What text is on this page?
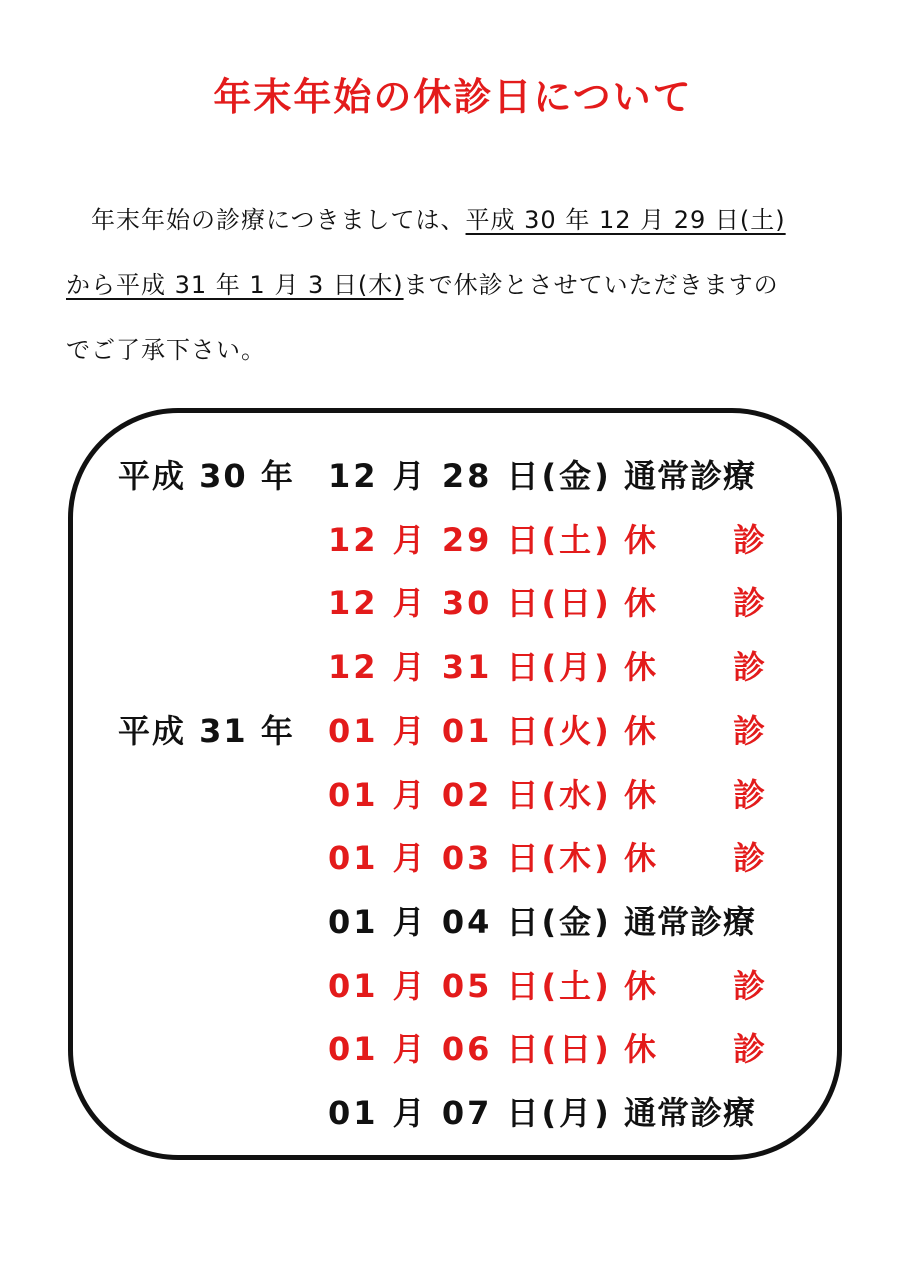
年末年始の休診日について
　年末年始の診療につきましては、平成 30 年 12 月 29 日(土)
から平成 31 年 1 月 3 日(木)まで休診とさせていただきますの
でご了承下さい。
平成 30 年 12 月 28 日(金) 通常診療
12 月 29 日(土) 休 診
12 月 30 日(日) 休 診
12 月 31 日(月) 休 診
平成 31 年 01 月 01 日(火) 休 診
01 月 02 日(水) 休 診
01 月 03 日(木) 休 診
01 月 04 日(金) 通常診療
01 月 05 日(土) 休 診
01 月 06 日(日) 休 診
01 月 07 日(月) 通常診療
